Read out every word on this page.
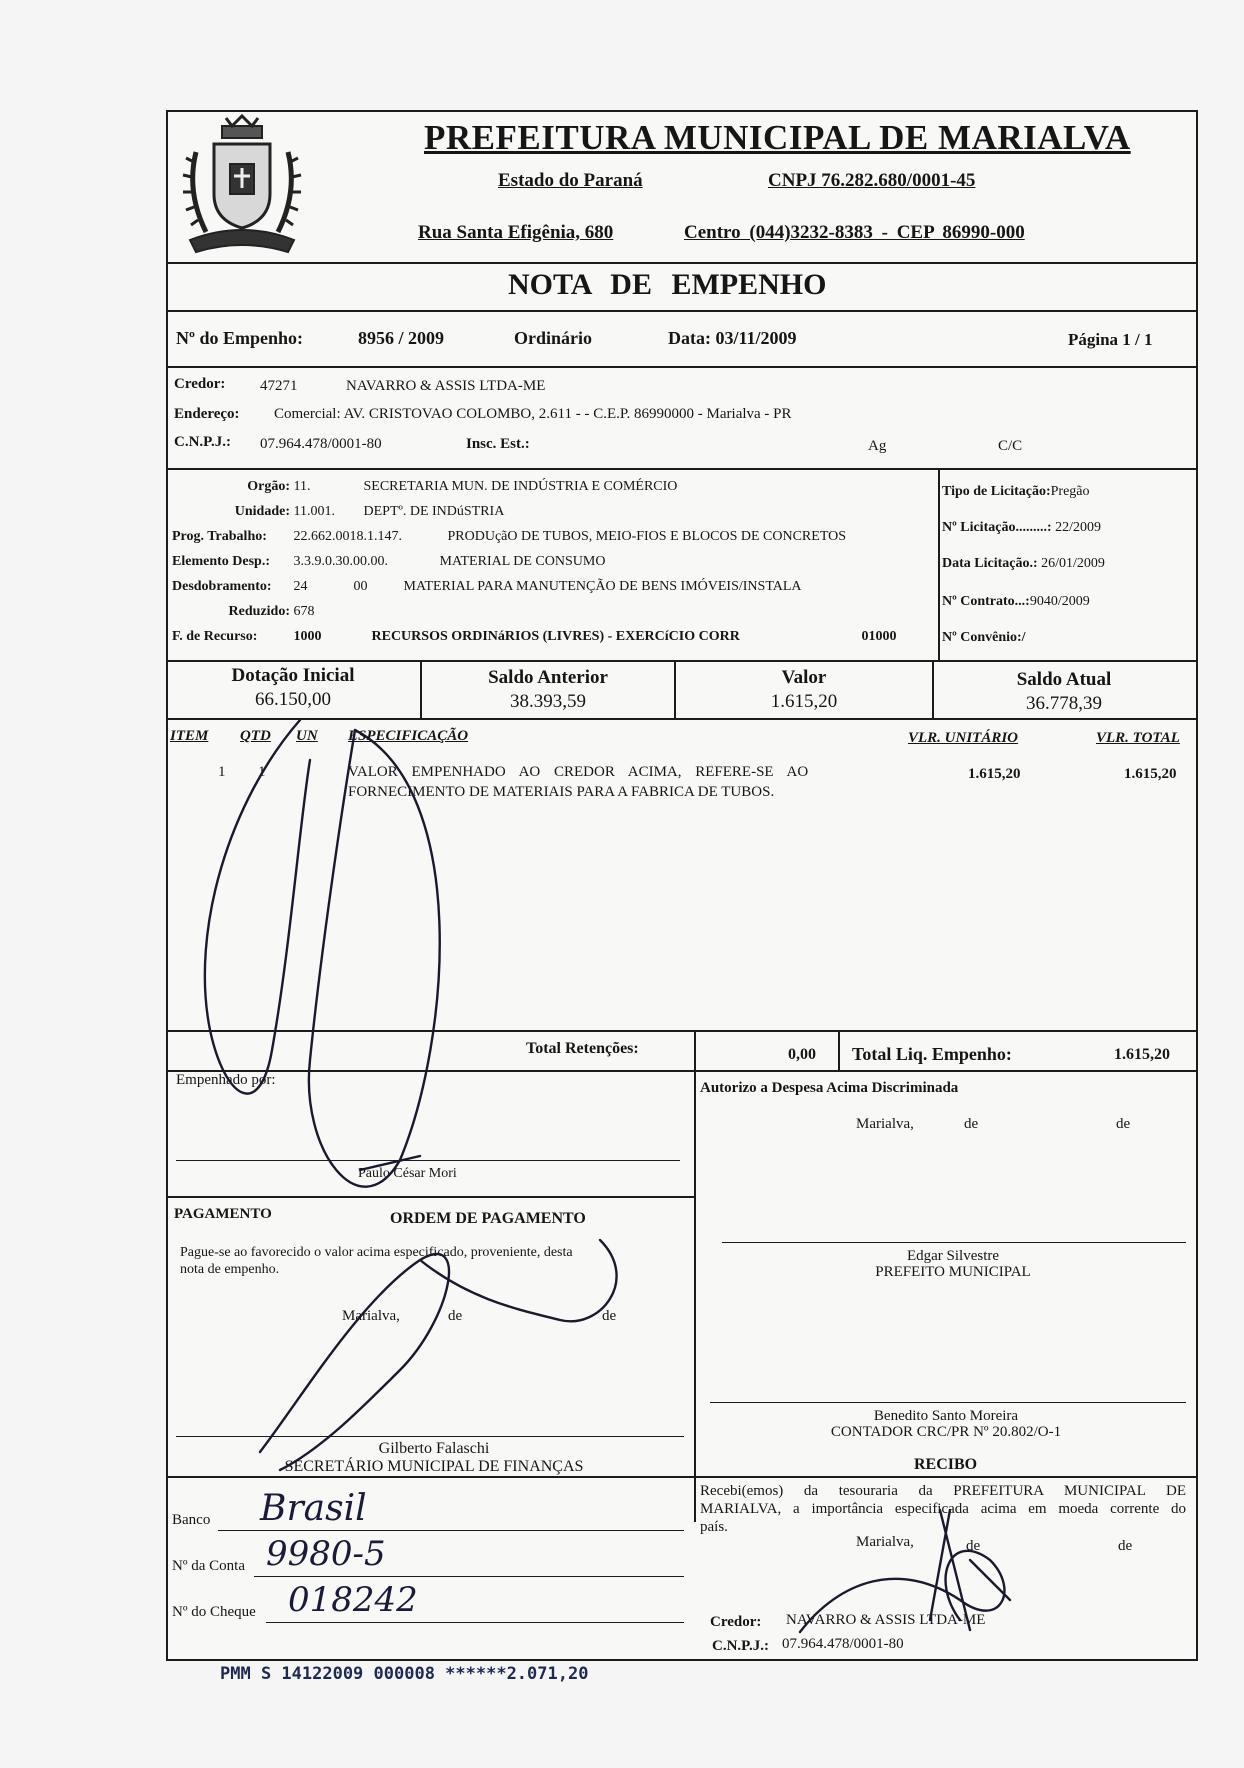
PREFEITURA MUNICIPAL DE MARIALVA
Estado do Paraná	CNPJ 76.282.680/0001-45
Rua Santa Efigênia, 680	Centro (044)3232-8383 - CEP 86990-000
NOTA DE EMPENHO
Nº do Empenho:	8956 / 2009	Ordinário	Data: 03/11/2009	Página 1 / 1
Credor: 47271	NAVARRO & ASSIS LTDA-ME
Endereço: Comercial: AV. CRISTOVAO COLOMBO, 2.611 - - C.E.P. 86990000 - Marialva - PR
C.N.P.J.: 07.964.478/0001-80	Insc. Est.:	Ag	C/C
Orgão: 11.	SECRETARIA MUN. DE INDÚSTRIA E COMÉRCIO
Unidade: 11.001. DEPTº. DE INDúSTRIA
Prog. Trabalho: 22.662.0018.1.147.	PRODUçãO DE TUBOS, MEIO-FIOS E BLOCOS DE CONCRETOS
Elemento Desp.: 3.3.9.0.30.00.00.	MATERIAL DE CONSUMO
Desdobramento: 24	00	MATERIAL PARA MANUTENÇÃO DE BENS IMÓVEIS/INSTALA
Reduzido: 678
F. de Recurso:	1000	RECURSOS ORDINáRIOS (LIVRES) - EXERCíCIO CORR	01000
Tipo de Licitação:Pregão
Nº Licitação.........: 22/2009
Data Licitação.: 26/01/2009
Nº Contrato...:9040/2009
Nº Convênio:/
Dotação Inicial
66.150,00
Saldo Anterior
38.393,59
Valor
1.615,20
Saldo Atual
36.778,39
ITEM QTD UN ESPECIFICAÇÃO	VLR. UNITÁRIO	VLR. TOTAL
1 1	VALOR EMPENHADO AO CREDOR ACIMA, REFERE-SE AO
FORNECIMENTO DE MATERIAIS PARA A FABRICA DE TUBOS.
1.615,20	1.615,20
Total Retenções:	0,00 Total Liq. Empenho:	1.615,20
Empenhado por:
Paulo César Mori
Autorizo a Despesa Acima Discriminada
Marialva,	de	de
Edgar Silvestre
PREFEITO MUNICIPAL
Benedito Santo Moreira
CONTADOR CRC/PR Nº 20.802/O-1
PAGAMENTO	ORDEM DE PAGAMENTO
Pague-se ao favorecido o valor acima especificado, proveniente, desta
nota de empenho.
Marialva,	de	de
Gilberto Falaschi
SECRETÁRIO MUNICIPAL DE FINANÇAS
Banco Brasil
Nº da Conta 9980-5
Nº do Cheque 018242
RECIBO
Recebi(emos) da tesouraria da PREFEITURA MUNICIPAL DE
MARIALVA, a importância especificada acima em moeda corrente do
país.
Marialva,	de	de
Credor: NAVARRO & ASSIS LTDA-ME
C.N.P.J.: 07.964.478/0001-80
PMM S 14122009 000008 ******2.071,20
